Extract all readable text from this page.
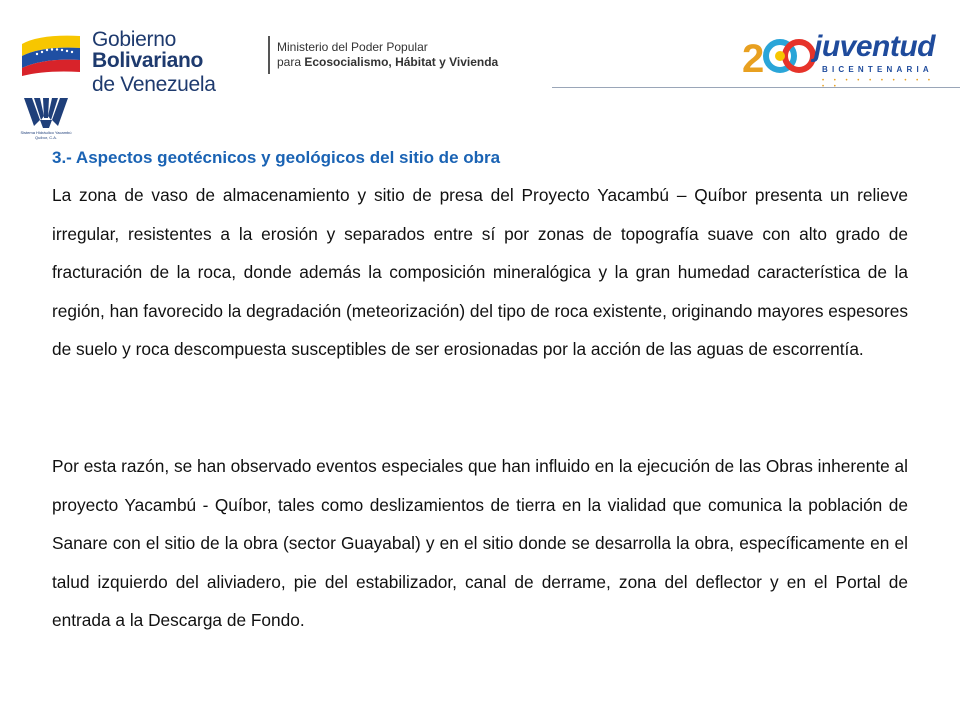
Gobierno Bolivariano
de Venezuela
Ministerio del Poder Popular
para Ecosocialismo, Hábitat y Vivienda	2 juventud
BICENTENARIA
• • • • • • • • • •
Sistema Hidráulico Yacambú Quíbor, C.A.
3.- Aspectos geotécnicos y geológicos del sitio de obra

La zona de vaso de almacenamiento y sitio de presa del Proyecto Yacambú – Quíbor presenta un relieve irregular, resistentes a la erosión y separados entre sí por zonas de topografía suave con alto grado de fracturación de la roca, donde además la composición mineralógica y la gran humedad característica de la región, han favorecido la degradación (meteorización) del tipo de roca existente, originando mayores espesores de suelo y roca descompuesta susceptibles de ser erosionadas por la acción de las aguas de escorrentía.

Por esta razón, se han observado eventos especiales que han influido en la ejecución de las Obras inherente al proyecto Yacambú - Quíbor, tales como deslizamientos de tierra en la vialidad que comunica la población de Sanare con el sitio de la obra (sector Guayabal) y en el sitio donde se desarrolla la obra, específicamente en el talud izquierdo del aliviadero, pie del estabilizador, canal de derrame, zona del deflector y en el Portal de entrada a la Descarga de Fondo.
